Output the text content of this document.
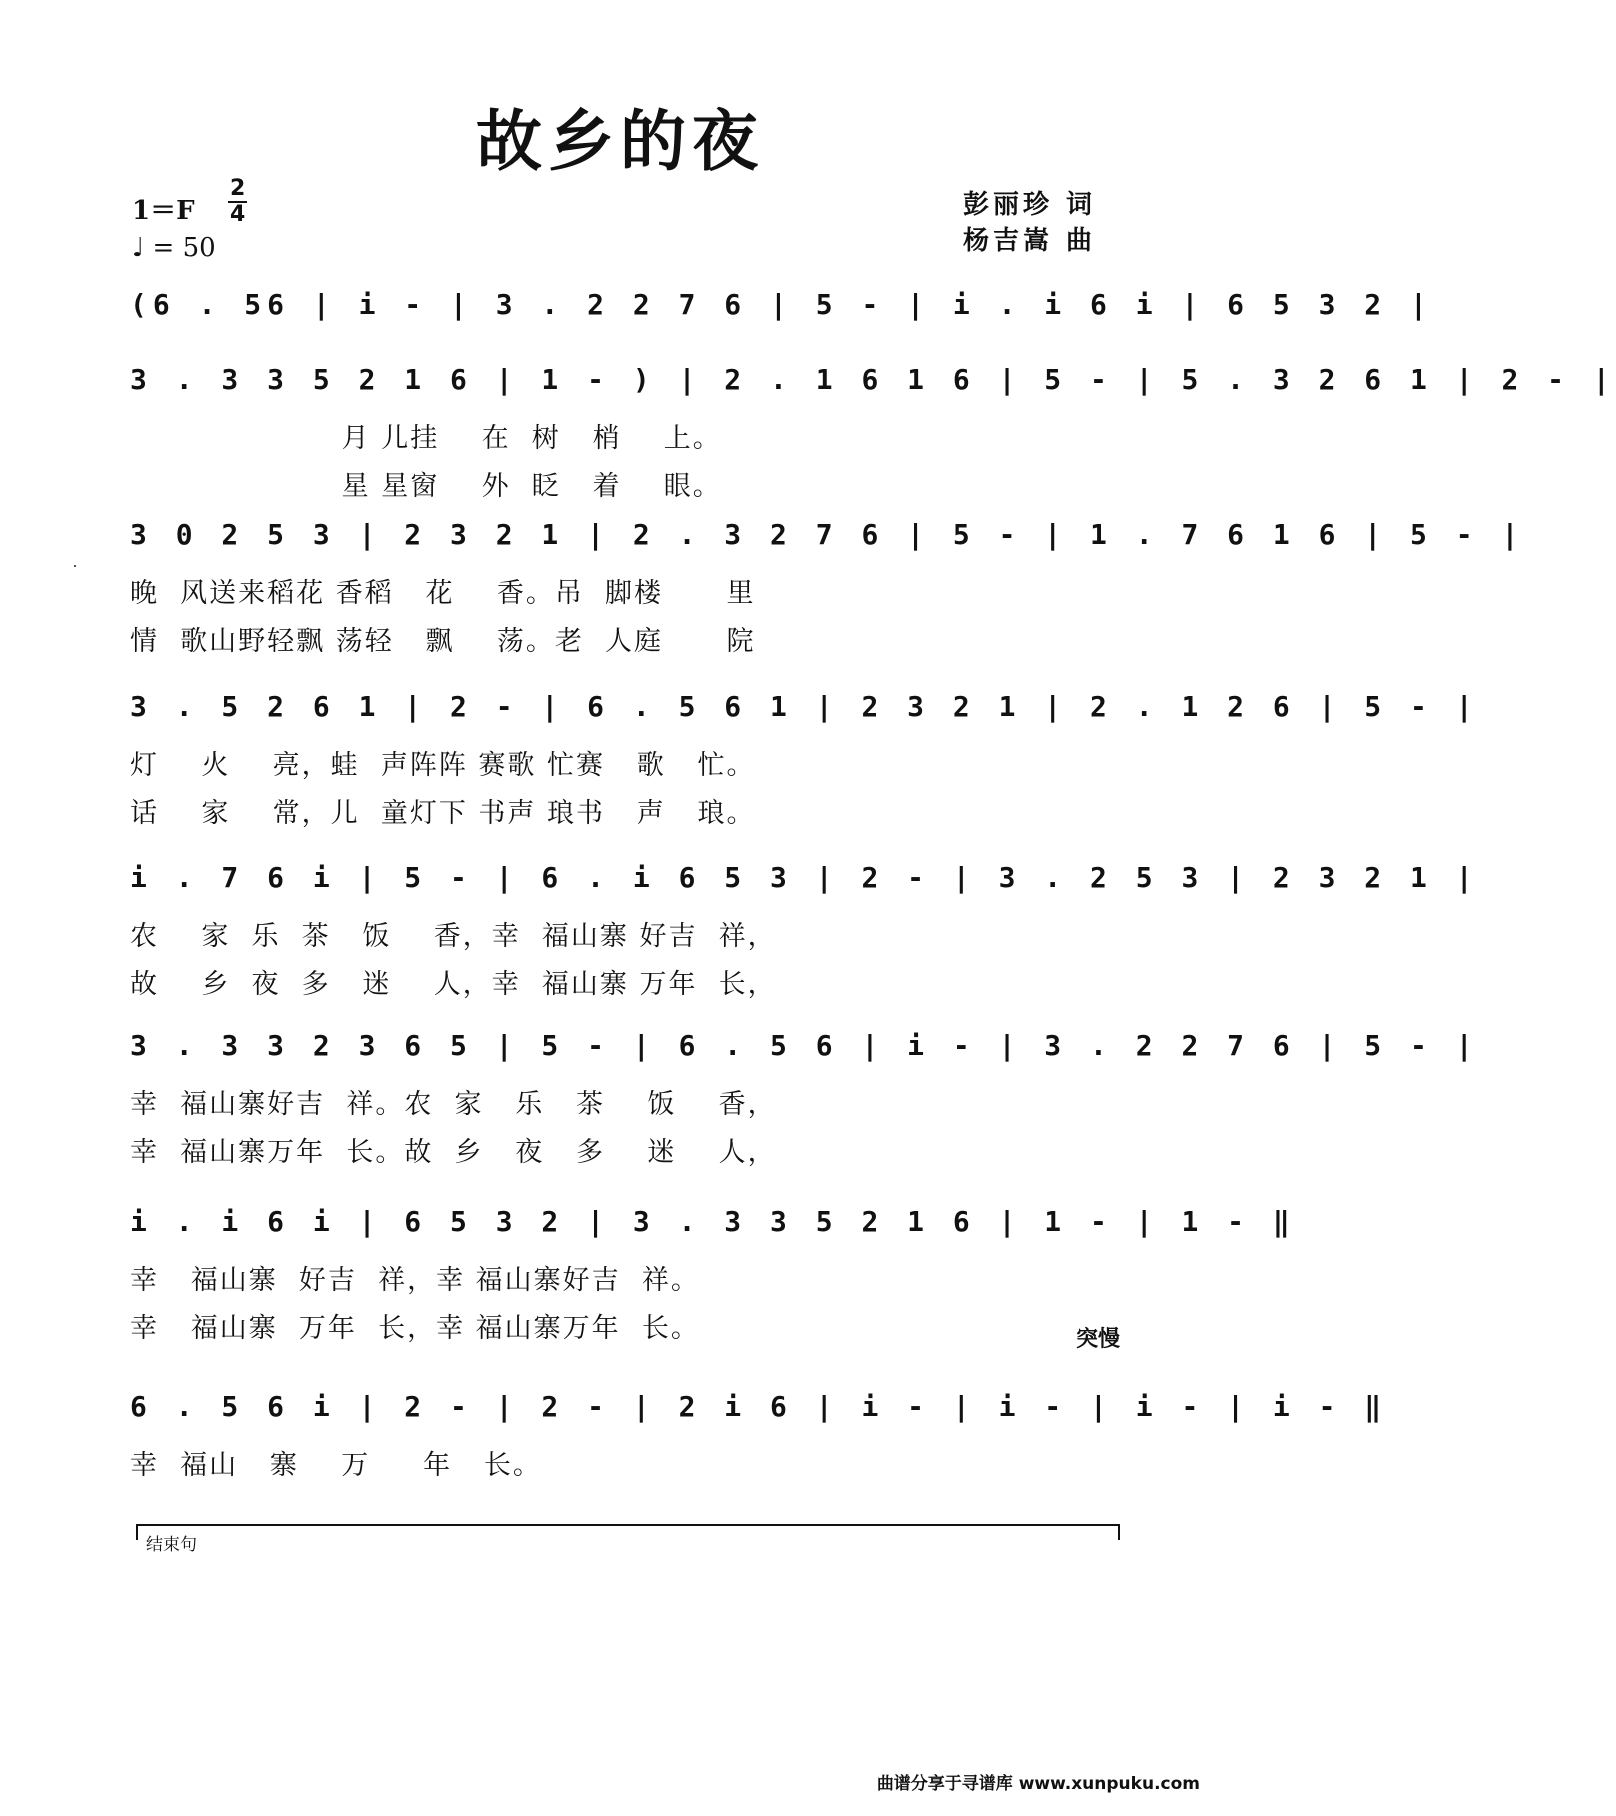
故乡的夜
1＝F
2
4
♩ = 50
彭丽珍 词
杨吉嵩 曲
(6 . 56 | i - | 3 . 2 2 7 6 | 5 - | i . i 6 i | 6 5 3 2 |
3 . 3 3 5 2 1 6 | 1 - ) | 2 . 1 6 1 6 | 5 - | 5 . 3 2 6 1 | 2 - |
月 儿挂    在  树   梢    上。
星 星窗    外  眨   着    眼。
3 0 2 5 3 | 2 3 2 1 | 2 . 3 2 7 6 | 5 - | 1 . 7 6 1 6 | 5 - |
晚  风送来稻花 香稻   花    香。吊  脚楼      里
情  歌山野轻飘 荡轻   飘    荡。老  人庭      院
3 . 5 2 6 1 | 2 - | 6 . 5 6 1 | 2 3 2 1 | 2 . 1 2 6 | 5 - |
灯    火    亮，蛙  声阵阵 赛歌 忙赛   歌   忙。
话    家    常，儿  童灯下 书声 琅书   声   琅。
i . 7 6 i | 5 - | 6 . i 6 5 3 | 2 - | 3 . 2 5 3 | 2 3 2 1 |
农    家  乐  茶   饭    香，幸  福山寨 好吉  祥，
故    乡  夜  多   迷    人，幸  福山寨 万年  长，
3 . 3 3 2 3 6 5 | 5 - | 6 . 5 6 | i - | 3 . 2 2 7 6 | 5 - |
幸  福山寨好吉  祥。农  家   乐   茶    饭    香，
幸  福山寨万年  长。故  乡   夜   多    迷    人，
i . i 6 i | 6 5 3 2 | 3 . 3 3 5 2 1 6 | 1 - | 1 - ‖
幸   福山寨  好吉  祥，幸 福山寨好吉  祥。
幸   福山寨  万年  长，幸 福山寨万年  长。
6 . 5 6 i | 2 - | 2 - | 2 i 6 | i - | i - | i - | i - ‖
幸  福山   寨    万     年   长。
突慢
结束句
曲谱分享于寻谱库 www.xunpuku.com
